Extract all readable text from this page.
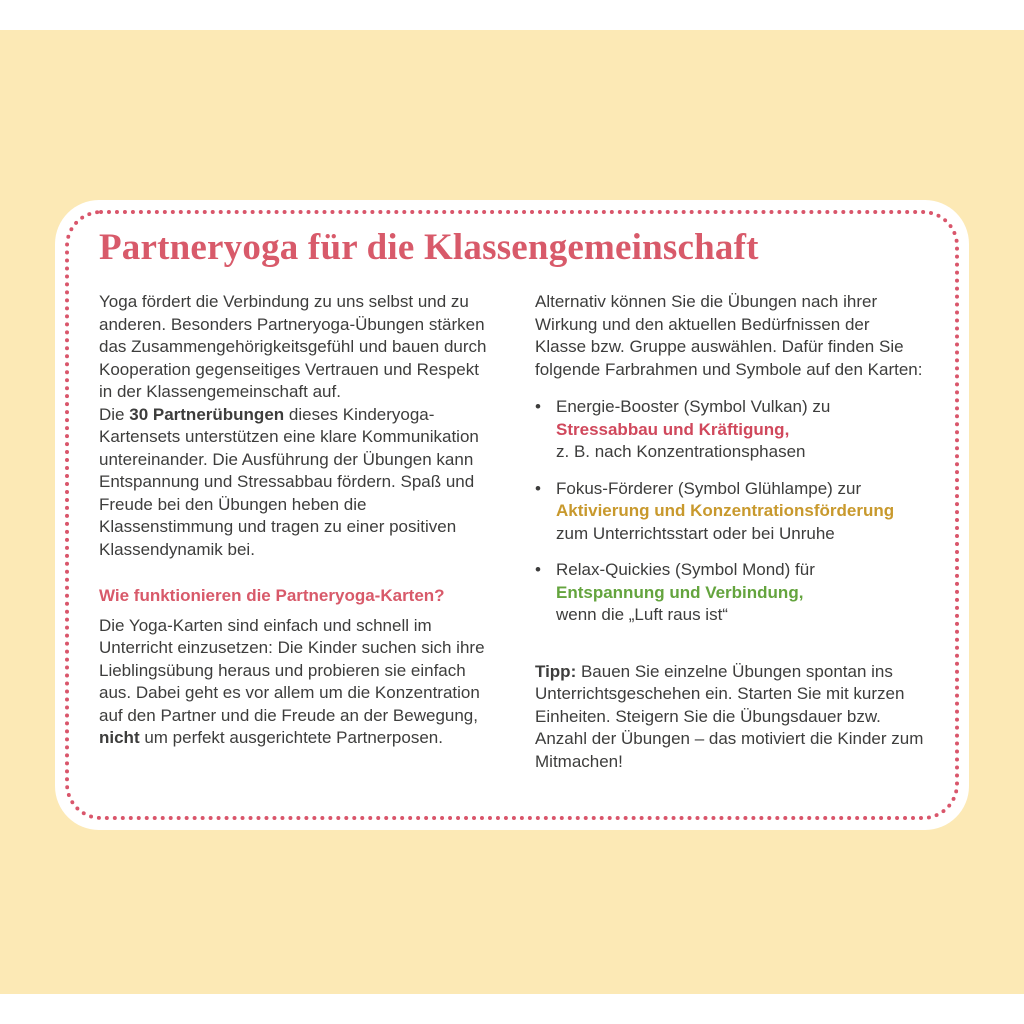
Partneryoga für die Klassengemeinschaft

Yoga fördert die Verbindung zu uns selbst und zu anderen. Besonders Partneryoga-Übungen stärken das Zusammengehörigkeitsgefühl und bauen durch Kooperation gegenseitiges Vertrauen und Respekt in der Klassengemeinschaft auf.

Die 30 Partnerübungen dieses Kinderyoga-Kartensets unterstützen eine klare Kommunikation untereinander. Die Ausführung der Übungen kann Entspannung und Stressabbau fördern. Spaß und Freude bei den Übungen heben die Klassenstimmung und tragen zu einer positiven Klassendynamik bei.

Wie funktionieren die Partneryoga-Karten?

Die Yoga-Karten sind einfach und schnell im Unterricht einzusetzen: Die Kinder suchen sich ihre Lieblingsübung heraus und probieren sie einfach aus. Dabei geht es vor allem um die Konzentration auf den Partner und die Freude an der Bewegung, nicht um perfekt ausgerichtete Partnerposen.

Alternativ können Sie die Übungen nach ihrer Wirkung und den aktuellen Bedürfnissen der Klasse bzw. Gruppe auswählen. Dafür finden Sie folgende Farbrahmen und Symbole auf den Karten:

•
Energie-Booster (Symbol Vulkan) zu
Stressabbau und Kräftigung,
z. B. nach Konzentrationsphasen
•
Fokus-Förderer (Symbol Glühlampe) zur
Aktivierung und Konzentrationsförderung
zum Unterrichtsstart oder bei Unruhe
•
Relax-Quickies (Symbol Mond) für
Entspannung und Verbindung,
wenn die „Luft raus ist“

Tipp: Bauen Sie einzelne Übungen spontan ins Unterrichtsgeschehen ein. Starten Sie mit kurzen Einheiten. Steigern Sie die Übungsdauer bzw. Anzahl der Übungen – das motiviert die Kinder zum Mitmachen!
